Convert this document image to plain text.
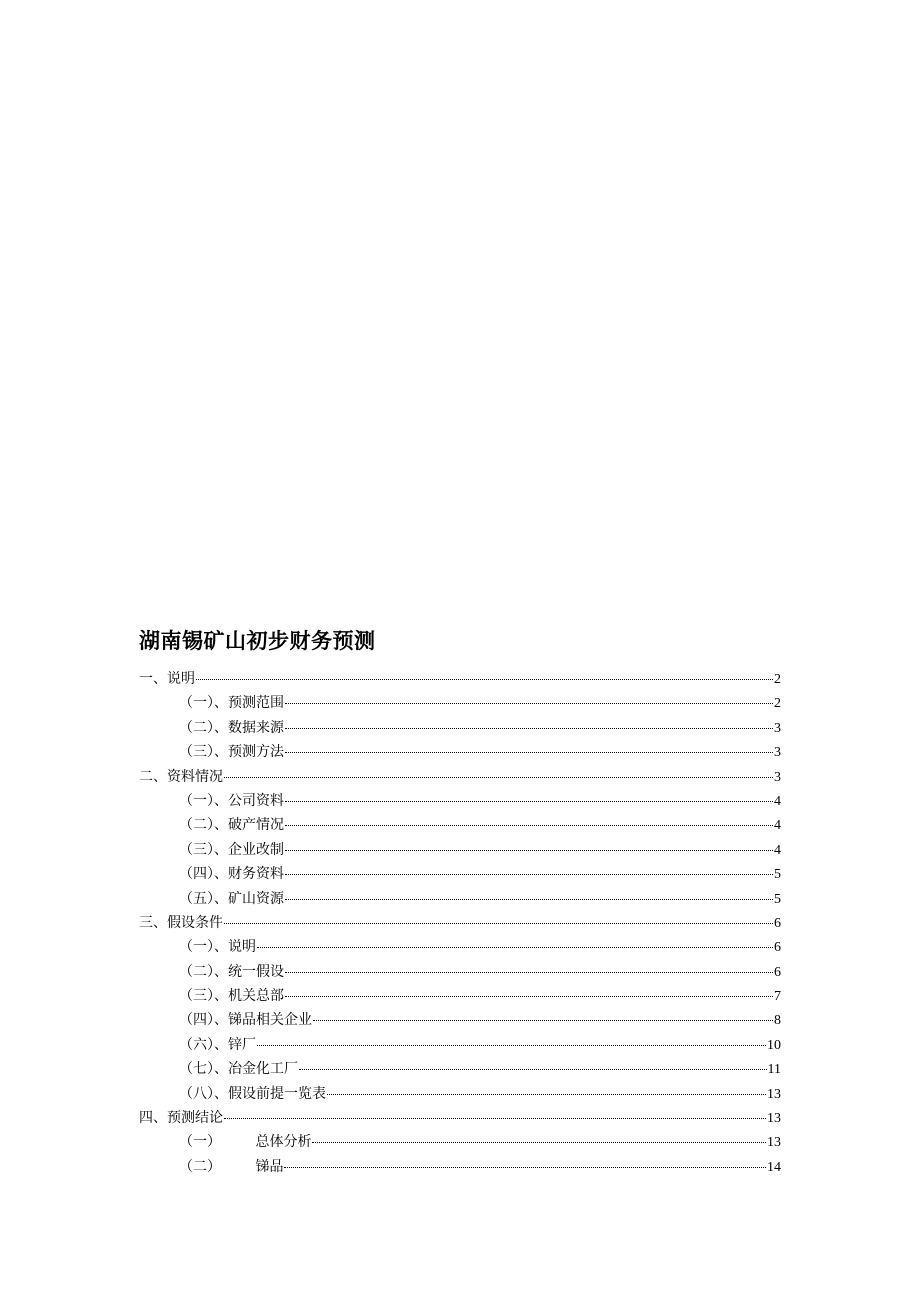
湖南锡矿山初步财务预测
一、说明	2
（一）、预测范围	2
（二）、数据来源	3
（三）、预测方法	3
二、资料情况	3
（一）、公司资料	4
（二）、破产情况	4
（三）、企业改制	4
（四）、财务资料	5
（五）、矿山资源	5
三、假设条件	6
（一）、说明	6
（二）、统一假设	6
（三）、机关总部	7
（四）、锑品相关企业	8
（六）、锌厂	10
（七）、冶金化工厂	11
（八）、假设前提一览表	13
四、预测结论	13
（一） 总体分析	13
（二） 锑品	14
